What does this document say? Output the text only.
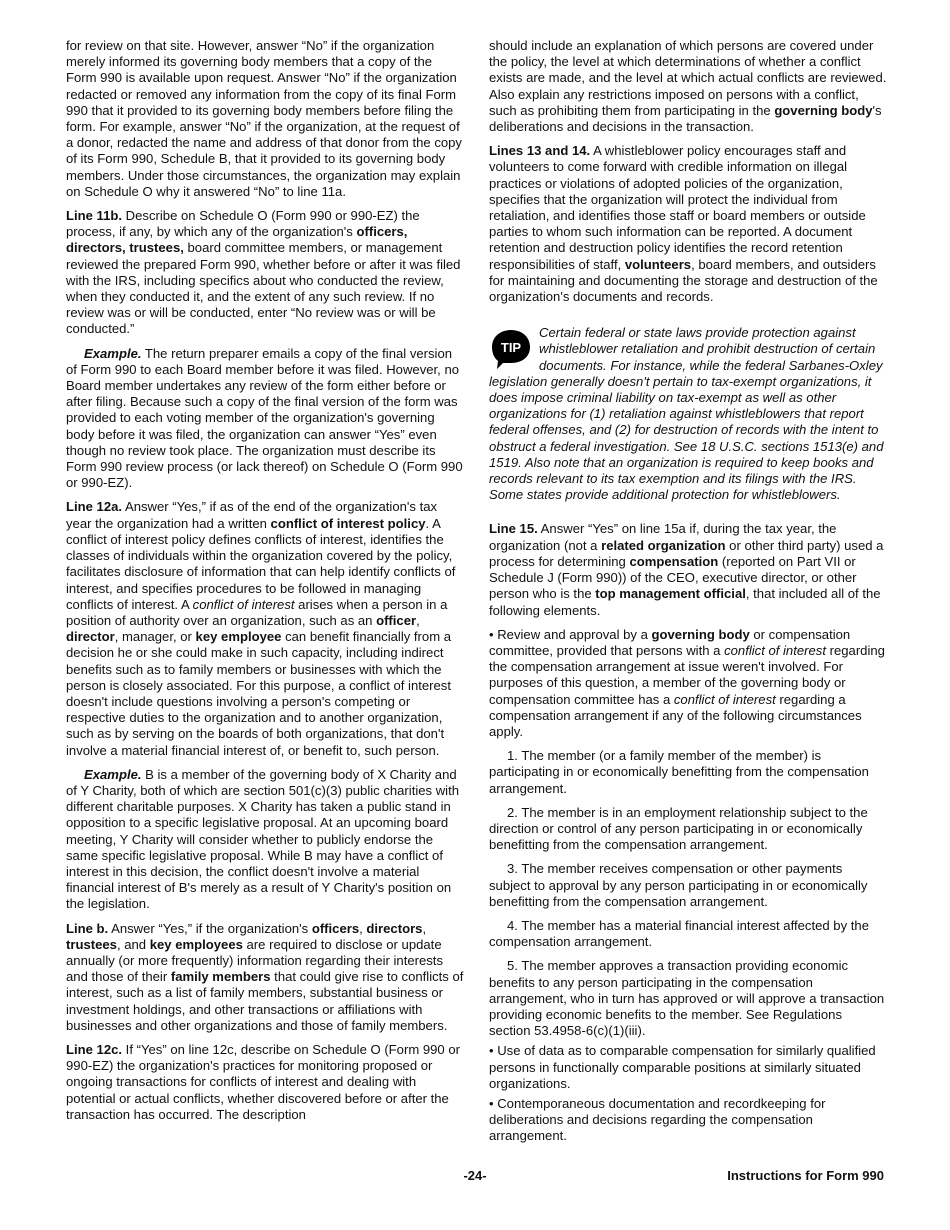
for review on that site. However, answer “No” if the organization merely informed its governing body members that a copy of the Form 990 is available upon request. Answer “No” if the organization redacted or removed any information from the copy of its final Form 990 that it provided to its governing body members before filing the form. For example, answer “No” if the organization, at the request of a donor, redacted the name and address of that donor from the copy of its Form 990, Schedule B, that it provided to its governing body members. Under those circumstances, the organization may explain on Schedule O why it answered “No” to line 11a.

Line 11b. Describe on Schedule O (Form 990 or 990-EZ) the process, if any, by which any of the organization's officers, directors, trustees, board committee members, or management reviewed the prepared Form 990, whether before or after it was filed with the IRS, including specifics about who conducted the review, when they conducted it, and the extent of any such review. If no review was or will be conducted, enter “No review was or will be conducted.”

Example. The return preparer emails a copy of the final version of Form 990 to each Board member before it was filed. However, no Board member undertakes any review of the form either before or after filing. Because such a copy of the final version of the form was provided to each voting member of the organization's governing body before it was filed, the organization can answer “Yes” even though no review took place. The organization must describe its Form 990 review process (or lack thereof) on Schedule O (Form 990 or 990-EZ).

Line 12a. Answer “Yes,” if as of the end of the organization's tax year the organization had a written conflict of interest policy. A conflict of interest policy defines conflicts of interest, identifies the classes of individuals within the organization covered by the policy, facilitates disclosure of information that can help identify conflicts of interest, and specifies procedures to be followed in managing conflicts of interest. A conflict of interest arises when a person in a position of authority over an organization, such as an officer, director, manager, or key employee can benefit financially from a decision he or she could make in such capacity, including indirect benefits such as to family members or businesses with which the person is closely associated. For this purpose, a conflict of interest doesn't include questions involving a person's competing or respective duties to the organization and to another organization, such as by serving on the boards of both organizations, that don't involve a material financial interest of, or benefit to, such person.

Example. B is a member of the governing body of X Charity and of Y Charity, both of which are section 501(c)(3) public charities with different charitable purposes. X Charity has taken a public stand in opposition to a specific legislative proposal. At an upcoming board meeting, Y Charity will consider whether to publicly endorse the same specific legislative proposal. While B may have a conflict of interest in this decision, the conflict doesn't involve a material financial interest of B's merely as a result of Y Charity's position on the legislation.

Line b. Answer “Yes,” if the organization's officers, directors, trustees, and key employees are required to disclose or update annually (or more frequently) information regarding their interests and those of their family members that could give rise to conflicts of interest, such as a list of family members, substantial business or investment holdings, and other transactions or affiliations with businesses and other organizations and those of family members.

Line 12c. If “Yes” on line 12c, describe on Schedule O (Form 990 or 990-EZ) the organization's practices for monitoring proposed or ongoing transactions for conflicts of interest and dealing with potential or actual conflicts, whether discovered before or after the transaction has occurred. The description

should include an explanation of which persons are covered under the policy, the level at which determinations of whether a conflict exists are made, and the level at which actual conflicts are reviewed. Also explain any restrictions imposed on persons with a conflict, such as prohibiting them from participating in the governing body's deliberations and decisions in the transaction.

Lines 13 and 14. A whistleblower policy encourages staff and volunteers to come forward with credible information on illegal practices or violations of adopted policies of the organization, specifies that the organization will protect the individual from retaliation, and identifies those staff or board members or outside parties to whom such information can be reported. A document retention and destruction policy identifies the record retention responsibilities of staff, volunteers, board members, and outsiders for maintaining and documenting the storage and destruction of the organization's documents and records.

TIP
Certain federal or state laws provide protection against whistleblower retaliation and prohibit destruction of certain documents. For instance, while the federal Sarbanes-Oxley legislation generally doesn't pertain to tax-exempt organizations, it does impose criminal liability on tax-exempt as well as other organizations for (1) retaliation against whistleblowers that report federal offenses, and (2) for destruction of records with the intent to obstruct a federal investigation. See 18 U.S.C. sections 1513(e) and 1519. Also note that an organization is required to keep books and records relevant to its tax exemption and its filings with the IRS. Some states provide additional protection for whistleblowers.

Line 15. Answer “Yes” on line 15a if, during the tax year, the organization (not a related organization or other third party) used a process for determining compensation (reported on Part VII or Schedule J (Form 990)) of the CEO, executive director, or other person who is the top management official, that included all of the following elements.

• Review and approval by a governing body or compensation committee, provided that persons with a conflict of interest regarding the compensation arrangement at issue weren't involved. For purposes of this question, a member of the governing body or compensation committee has a conflict of interest regarding a compensation arrangement if any of the following circumstances apply.

1. The member (or a family member of the member) is participating in or economically benefitting from the compensation arrangement.

2. The member is in an employment relationship subject to the direction or control of any person participating in or economically benefitting from the compensation arrangement.

3. The member receives compensation or other payments subject to approval by any person participating in or economically benefitting from the compensation arrangement.

4. The member has a material financial interest affected by the compensation arrangement.

5. The member approves a transaction providing economic benefits to any person participating in the compensation arrangement, who in turn has approved or will approve a transaction providing economic benefits to the member. See Regulations section 53.4958-6(c)(1)(iii).

• Use of data as to comparable compensation for similarly qualified persons in functionally comparable positions at similarly situated organizations.

• Contemporaneous documentation and recordkeeping for deliberations and decisions regarding the compensation arrangement.

-24-	Instructions for Form 990
